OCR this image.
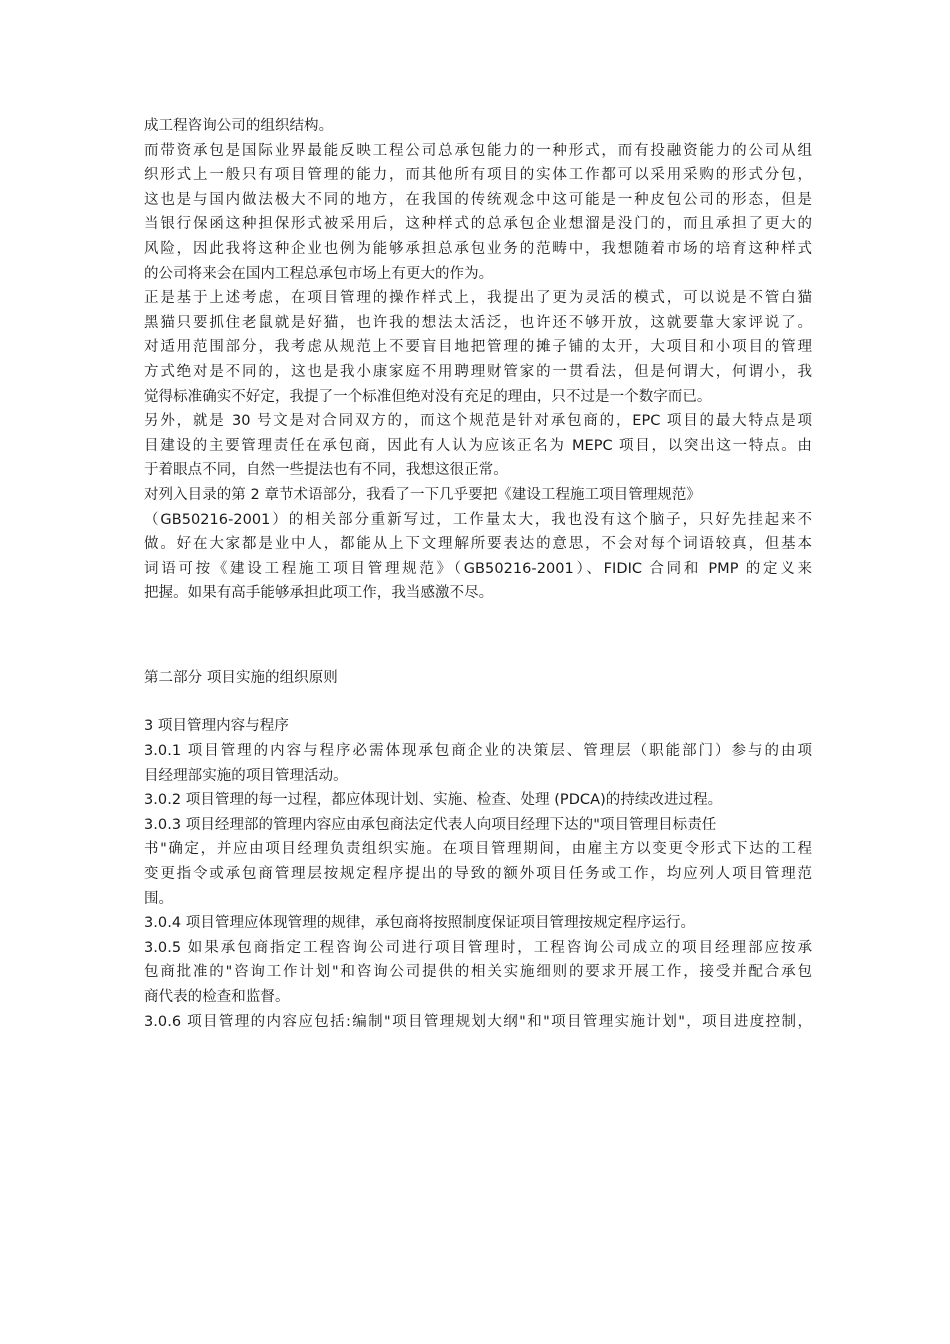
成工程咨询公司的组织结构。
而带资承包是国际业界最能反映工程公司总承包能力的一种形式，而有投融资能力的公司从组
织形式上一般只有项目管理的能力，而其他所有项目的实体工作都可以采用采购的形式分包，
这也是与国内做法极大不同的地方，在我国的传统观念中这可能是一种皮包公司的形态，但是
当银行保函这种担保形式被采用后，这种样式的总承包企业想溜是没门的，而且承担了更大的
风险，因此我将这种企业也例为能够承担总承包业务的范畴中，我想随着市场的培育这种样式
的公司将来会在国内工程总承包市场上有更大的作为。
正是基于上述考虑，在项目管理的操作样式上，我提出了更为灵活的模式，可以说是不管白猫
黑猫只要抓住老鼠就是好猫，也许我的想法太活泛，也许还不够开放，这就要靠大家评说了。
对适用范围部分，我考虑从规范上不要盲目地把管理的摊子铺的太开，大项目和小项目的管理
方式绝对是不同的，这也是我小康家庭不用聘理财管家的一贯看法，但是何谓大，何谓小，我
觉得标准确实不好定，我提了一个标准但绝对没有充足的理由，只不过是一个数字而已。
另外，就是 30 号文是对合同双方的，而这个规范是针对承包商的，EPC 项目的最大特点是项
目建设的主要管理责任在承包商，因此有人认为应该正名为 MEPC 项目，以突出这一特点。由
于着眼点不同，自然一些提法也有不同，我想这很正常。
对列入目录的第 2 章节术语部分，我看了一下几乎要把《建设工程施工项目管理规范》
（GB50216-2001）的相关部分重新写过，工作量太大，我也没有这个脑子，只好先挂起来不
做。好在大家都是业中人，都能从上下文理解所要表达的意思，不会对每个词语较真，但基本
词语可按《建设工程施工项目管理规范》（GB50216-2001）、FIDIC 合同和 PMP 的定义来
把握。如果有高手能够承担此项工作，我当感激不尽。
第二部分 项目实施的组织原则
3 项目管理内容与程序
3.0.1 项目管理的内容与程序必需体现承包商企业的决策层、管理层（职能部门）参与的由项
目经理部实施的项目管理活动。
3.0.2 项目管理的每一过程，都应体现计划、实施、检查、处理 (PDCA)的持续改进过程。
3.0.3 项目经理部的管理内容应由承包商法定代表人向项目经理下达的"项目管理目标责任
书"确定，并应由项目经理负责组织实施。在项目管理期间，由雇主方以变更令形式下达的工程
变更指令或承包商管理层按规定程序提出的导致的额外项目任务或工作，均应列人项目管理范
围。
3.0.4 项目管理应体现管理的规律，承包商将按照制度保证项目管理按规定程序运行。
3.0.5 如果承包商指定工程咨询公司进行项目管理时，工程咨询公司成立的项目经理部应按承
包商批准的"咨询工作计划"和咨询公司提供的相关实施细则的要求开展工作，接受并配合承包
商代表的检查和监督。
3.0.6 项目管理的内容应包括:编制"项目管理规划大纲"和"项目管理实施计划"，项目进度控制，
